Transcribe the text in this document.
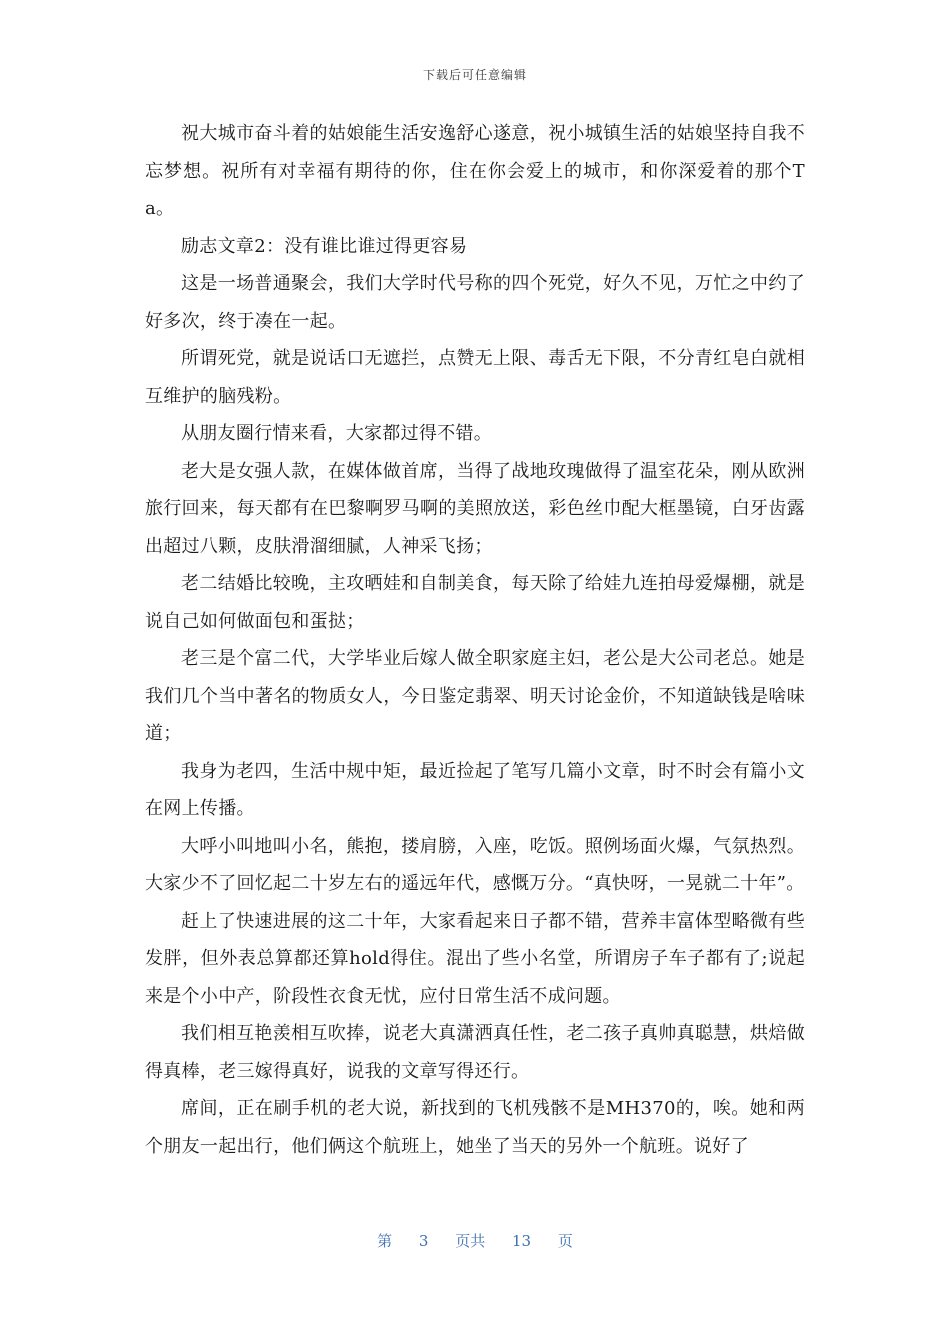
下载后可任意编辑

祝大城市奋斗着的姑娘能生活安逸舒心遂意，祝小城镇生活的姑娘坚持自我不忘梦想。祝所有对幸福有期待的你，住在你会爱上的城市，和你深爱着的那个Ta。

励志文章2：没有谁比谁过得更容易

这是一场普通聚会，我们大学时代号称的四个死党，好久不见，万忙之中约了好多次，终于凑在一起。

所谓死党，就是说话口无遮拦，点赞无上限、毒舌无下限，不分青红皂白就相互维护的脑残粉。

从朋友圈行情来看，大家都过得不错。

老大是女强人款，在媒体做首席，当得了战地玫瑰做得了温室花朵，刚从欧洲旅行回来，每天都有在巴黎啊罗马啊的美照放送，彩色丝巾配大框墨镜，白牙齿露出超过八颗，皮肤滑溜细腻，人神采飞扬；

老二结婚比较晚，主攻晒娃和自制美食，每天除了给娃九连拍母爱爆棚，就是说自己如何做面包和蛋挞；

老三是个富二代，大学毕业后嫁人做全职家庭主妇，老公是大公司老总。她是我们几个当中著名的物质女人，今日鉴定翡翠、明天讨论金价，不知道缺钱是啥味道；

我身为老四，生活中规中矩，最近捡起了笔写几篇小文章，时不时会有篇小文在网上传播。

大呼小叫地叫小名，熊抱，搂肩膀，入座，吃饭。照例场面火爆，气氛热烈。大家少不了回忆起二十岁左右的遥远年代，感慨万分。“真快呀，一晃就二十年”。

赶上了快速进展的这二十年，大家看起来日子都不错，营养丰富体型略微有些发胖，但外表总算都还算hold得住。混出了些小名堂，所谓房子车子都有了;说起来是个小中产，阶段性衣食无忧，应付日常生活不成问题。

我们相互艳羡相互吹捧，说老大真潇洒真任性，老二孩子真帅真聪慧，烘焙做得真棒，老三嫁得真好，说我的文章写得还行。

席间，正在刷手机的老大说，新找到的飞机残骸不是MH370的，唉。她和两个朋友一起出行，他们俩这个航班上，她坐了当天的另外一个航班。说好了

第 3 页共 13 页
